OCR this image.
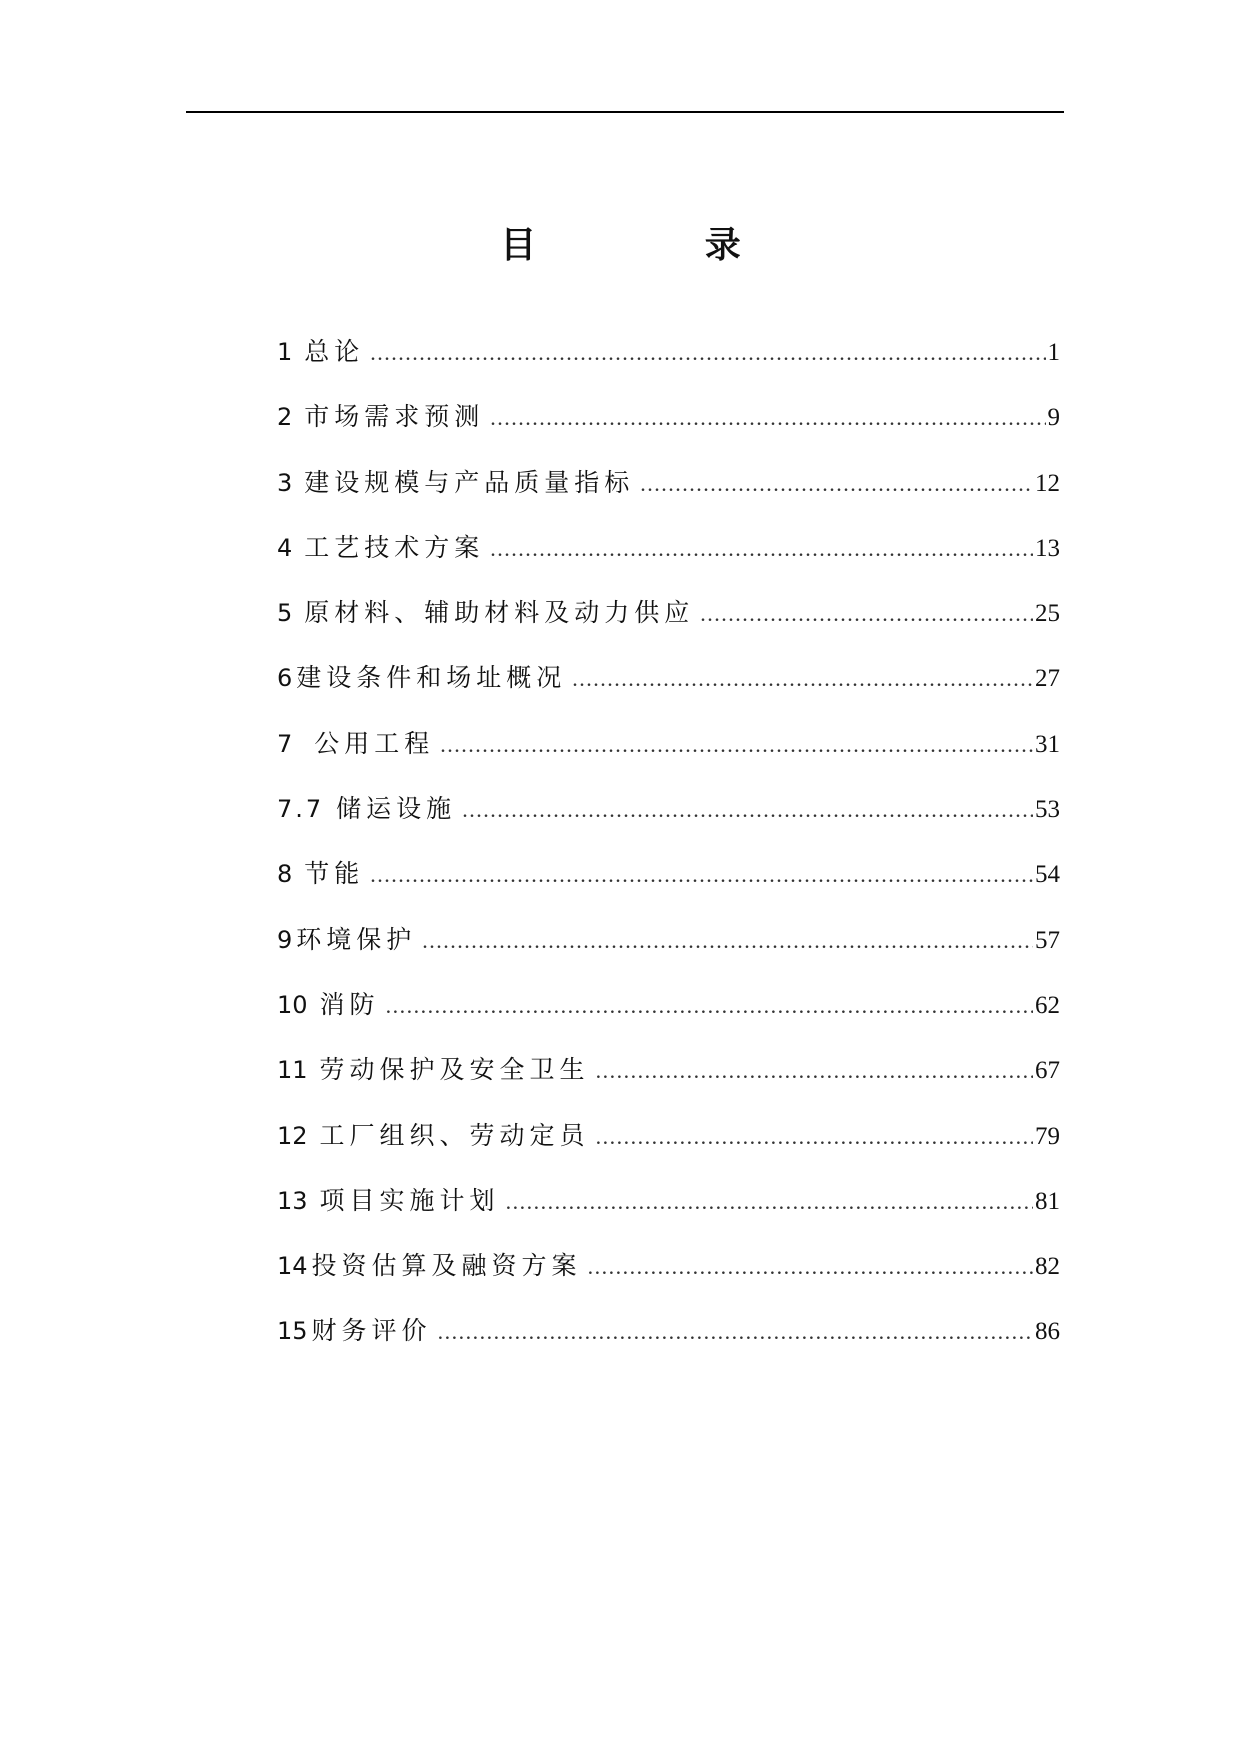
目 录
1 总论 .....	1
2 市场需求预测 .....	9
3 建设规模与产品质量指标 .....	12
4 工艺技术方案 .....	13
5 原材料、辅助材料及动力供应 .....	25
6 建设条件和场址概况 .....	27
7 公用工程 .....	31
7.7 储运设施 .....	53
8 节能 .....	54
9 环境保护 .....	57
10 消防 .....	62
11 劳动保护及安全卫生 .....	67
12 工厂组织、劳动定员 .....	79
13 项目实施计划 .....	81
14 投资估算及融资方案 .....	82
15 财务评价 .....	86
